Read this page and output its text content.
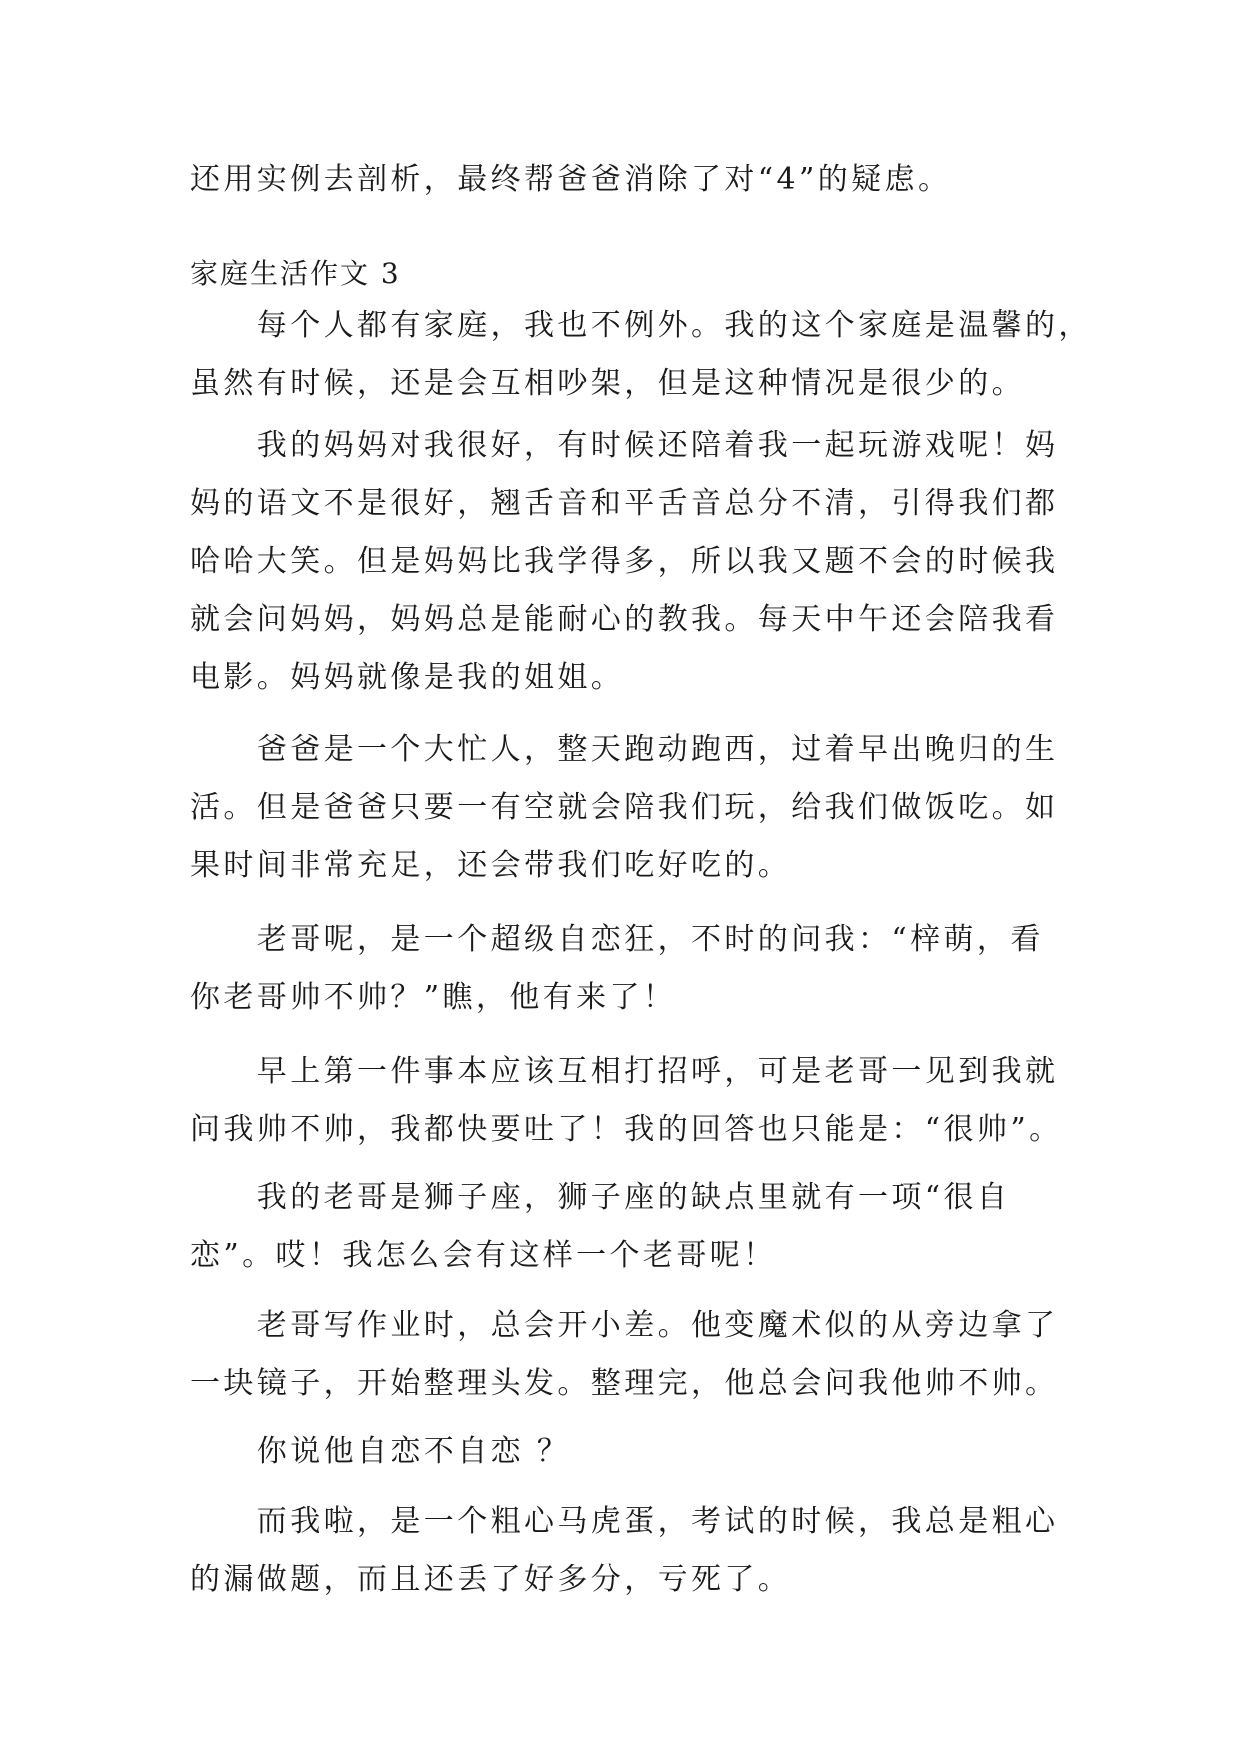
还用实例去剖析，最终帮爸爸消除了对“4”的疑虑。
家庭生活作文 3
　　每个人都有家庭，我也不例外。我的这个家庭是温馨的，
虽然有时候，还是会互相吵架，但是这种情况是很少的。
　　我的妈妈对我很好，有时候还陪着我一起玩游戏呢！妈
妈的语文不是很好，翘舌音和平舌音总分不清，引得我们都
哈哈大笑。但是妈妈比我学得多，所以我又题不会的时候我
就会问妈妈，妈妈总是能耐心的教我。每天中午还会陪我看
电影。妈妈就像是我的姐姐。
　　爸爸是一个大忙人，整天跑动跑西，过着早出晚归的生
活。但是爸爸只要一有空就会陪我们玩，给我们做饭吃。如
果时间非常充足，还会带我们吃好吃的。
　　老哥呢，是一个超级自恋狂，不时的问我：“梓萌，看
你老哥帅不帅？”瞧，他有来了！
　　早上第一件事本应该互相打招呼，可是老哥一见到我就
问我帅不帅，我都快要吐了！我的回答也只能是：“很帅”。
　　我的老哥是狮子座，狮子座的缺点里就有一项“很自
恋”。哎！我怎么会有这样一个老哥呢！
　　老哥写作业时，总会开小差。他变魔术似的从旁边拿了
一块镜子，开始整理头发。整理完，他总会问我他帅不帅。
　　你说他自恋不自恋 ？
　　而我啦，是一个粗心马虎蛋，考试的时候，我总是粗心
的漏做题，而且还丢了好多分，亏死了。
